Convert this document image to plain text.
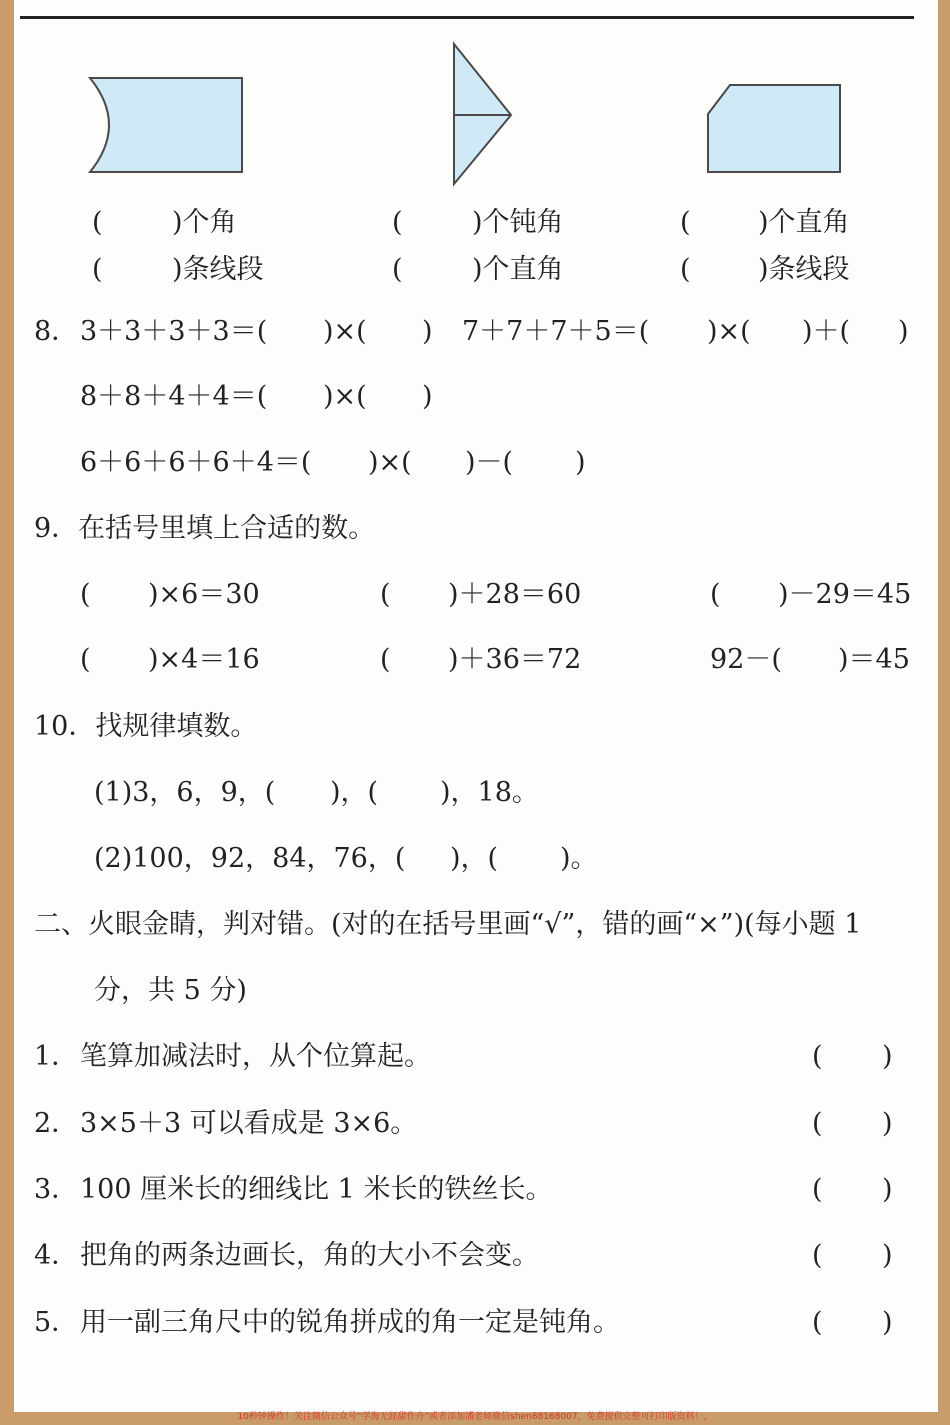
(	)个角	(	)个钝角	( )个直角
(	)条线段	(	)个直角	( )条线段
8． 3＋3＋3＋3＝( )×( ) 7＋7＋7＋5＝( )×( )＋( )
8＋8＋4＋4＝( )×( )
6＋6＋6＋6＋4＝( )×( )－( )
9．在括号里填上合适的数。
( )×6＝30	( )＋28＝60	( )－29＝45
( )×4＝16	( )＋36＝72	92－( )＝45
10．找规律填数。
(1)3，6，9，( )，( )，18。
(2)100，92，84，76，( )，( )。
二、火眼金睛，判对错。(对的在括号里画“√”，错的画“×”)(每小题 1
分，共 5 分)
1． 笔算加减法时，从个位算起。	( )
2． 3×5＋3 可以看成是 3×6。	( )
3． 100 厘米长的细线比 1 米长的铁丝长。	( )
4． 把角的两条边画长，角的大小不会变。	( )
5． 用一副三角尺中的锐角拼成的角一定是钝角。	( )
10秒钟操作！关注微信公众号“学海无涯甜作舟”或者添加潘老师微信shen88168007，免费提供完整可打印版资料！，
